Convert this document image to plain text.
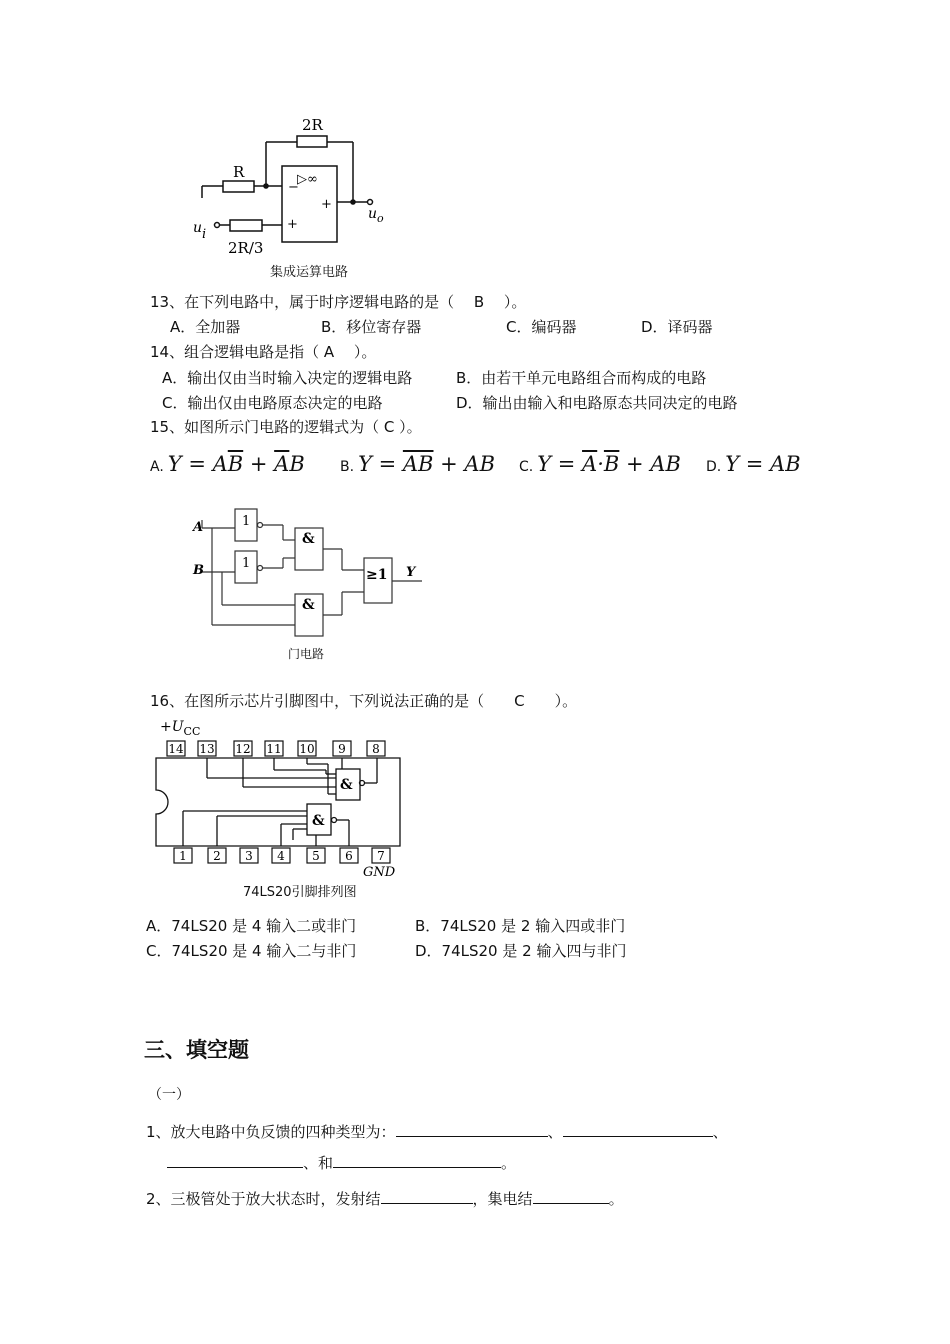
2R
R
2R/3
▷∞
−
+
+
ui
$u_o$
集成运算电路
13、在下列电路中，属于时序逻辑电路的是（　 B　 ）。
A．全加器	B．移位寄存器	C．编码器	D．译码器
14、组合逻辑电路是指（ A　 ）。
A．输出仅由当时输入决定的逻辑电路	B．由若干单元电路组合而构成的电路
C．输出仅由电路原态决定的电路	D．输出由输入和电路原态共同决定的电路
15、如图所示门电路的逻辑式为（ C ）。
A. $Y = A\overline{B} + \overline{A}B$	B. $Y = \overline{AB}$ + AB C. $Y = \overline{A}\cdot\overline{B}$ + AB D. Y = AB
A
B
1
1
&
&
≥1 Y
门电路
16、在图所示芯片引脚图中，下列说法正确的是（　　C　　）。
$+U_{CC}$
&
&
14 13 12 11 10 9 8
1 2 3 4 5 6 7
GND
74LS20引脚排列图
A．74LS20 是 4 输入二或非门	B．74LS20 是 2 输入四或非门
C．74LS20 是 4 输入二与非门	D．74LS20 是 2 输入四与非门
三、填空题
（一）
1、放大电路中负反馈的四种类型为：	、	、
、和	。
2、三极管处于放大状态时，发射结	，集电结	。
